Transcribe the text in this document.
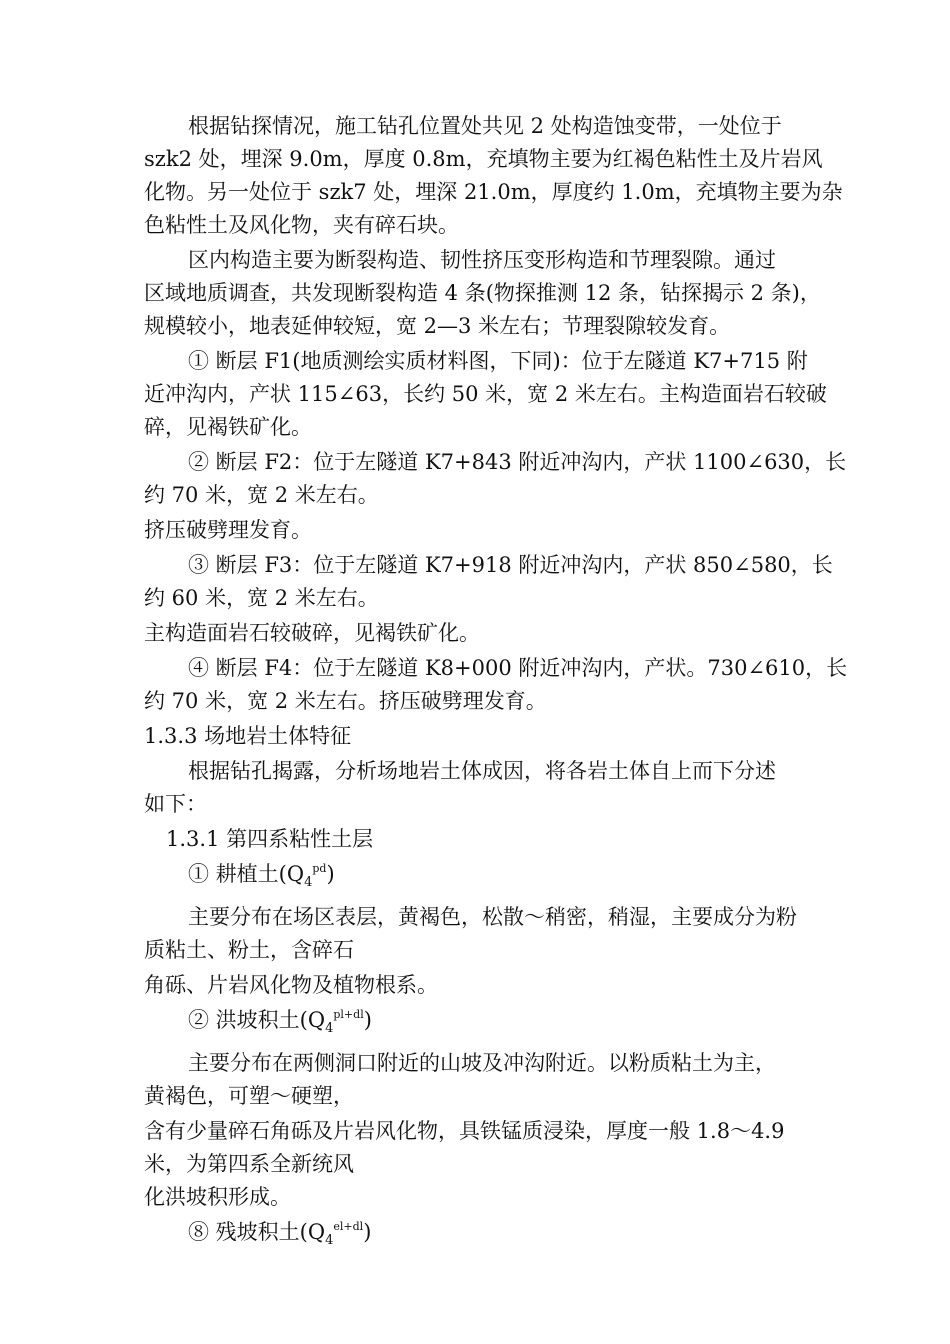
根据钻探情况，施工钻孔位置处共见 2 处构造蚀变带，一处位于
szk2 处，埋深 9.0m，厚度 0.8m，充填物主要为红褐色粘性土及片岩风
化物。另一处位于 szk7 处，埋深 21.0m，厚度约 1.0m，充填物主要为杂
色粘性土及风化物，夹有碎石块。
区内构造主要为断裂构造、韧性挤压变形构造和节理裂隙。通过
区域地质调查，共发现断裂构造 4 条(物探推测 12 条，钻探揭示 2 条)，
规模较小，地表延伸较短，宽 2—3 米左右；节理裂隙较发育。
① 断层 F1(地质测绘实质材料图，下同)：位于左隧道 K7+715 附
近冲沟内，产状 115∠63，长约 50 米，宽 2 米左右。主构造面岩石较破
碎，见褐铁矿化。
② 断层 F2：位于左隧道 K7+843 附近冲沟内，产状 1100∠630，长
约 70 米，宽 2 米左右。
挤压破劈理发育。
③ 断层 F3：位于左隧道 K7+918 附近冲沟内，产状 850∠580，长
约 60 米，宽 2 米左右。
主构造面岩石较破碎，见褐铁矿化。
④ 断层 F4：位于左隧道 K8+000 附近冲沟内，产状。730∠610，长
约 70 米，宽 2 米左右。挤压破劈理发育。
1.3.3 场地岩土体特征
根据钻孔揭露，分析场地岩土体成因，将各岩土体自上而下分述
如下：
1.3.1 第四系粘性土层
① 耕植土$(Q_4^{pd})$
主要分布在场区表层，黄褐色，松散～稍密，稍湿，主要成分为粉
质粘土、粉土，含碎石
角砾、片岩风化物及植物根系。
② 洪坡积土$(Q_4^{pl+dl})$
主要分布在两侧洞口附近的山坡及冲沟附近。以粉质粘土为主，
黄褐色，可塑～硬塑，
含有少量碎石角砾及片岩风化物，具铁锰质浸染，厚度一般 1.8～4.9
米，为第四系全新统风
化洪坡积形成。
⑧ 残坡积土$(Q_4^{el+dl})$
